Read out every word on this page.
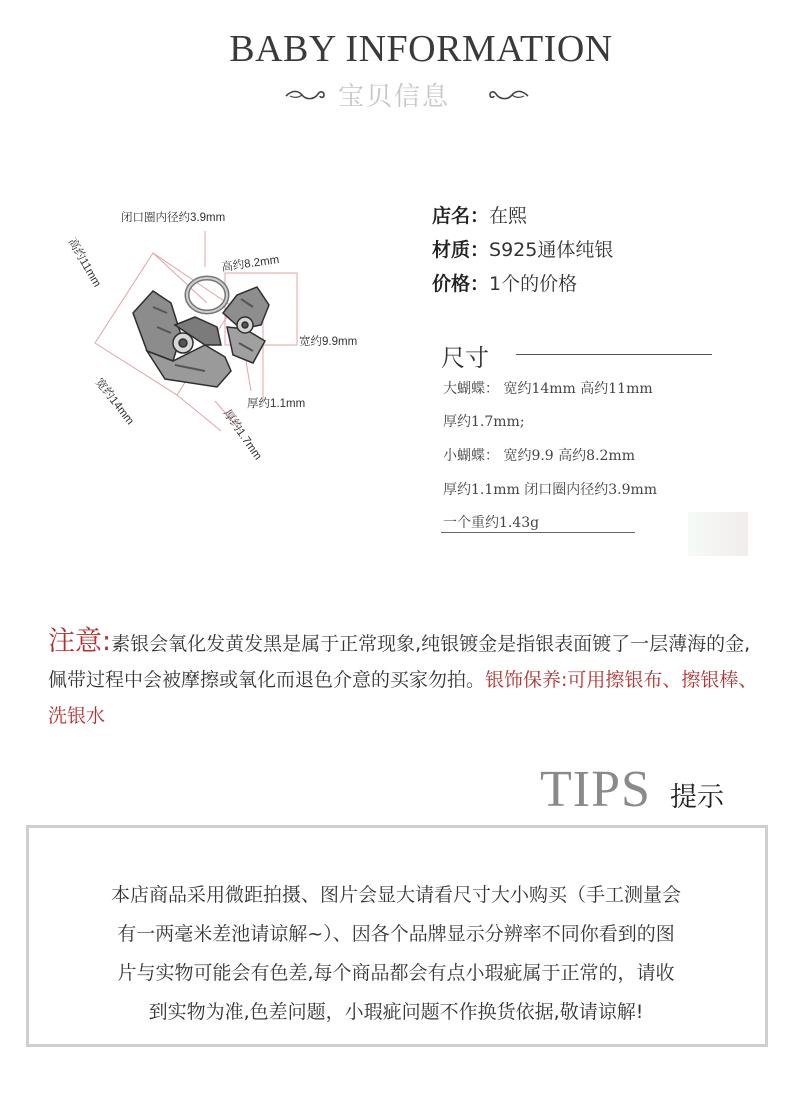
BABY INFORMATION
宝贝信息
闭口圈内径约3.9mm
高约11mm	高约8.2mm
宽约9.9mm
厚约1.1mm
宽约14mm
厚约1.7mm
店名：在熙
材质：S925通体纯银
价格：1个的价格
尺寸
大蝴蝶： 宽约14mm 高约11mm
厚约1.7mm;
小蝴蝶： 宽约9.9 高约8.2mm
厚约1.1mm 闭口圈内径约3.9mm
一个重约1.43g
注意:素银会氧化发黄发黑是属于正常现象,纯银镀金是指银表面镀了一层薄海的金,佩带过程中会被摩擦或氧化而退色介意的买家勿拍。银饰保养:可用擦银布、擦银棒、洗银水
TIPS 提示
本店商品采用微距拍摄、图片会显大请看尺寸大小购买（手工测量会
有一两毫米差池请谅解~）、因各个品牌显示分辨率不同你看到的图
片与实物可能会有色差,每个商品都会有点小瑕疵属于正常的，请收
到实物为准,色差问题，小瑕疵问题不作换货依据,敬请谅解!
